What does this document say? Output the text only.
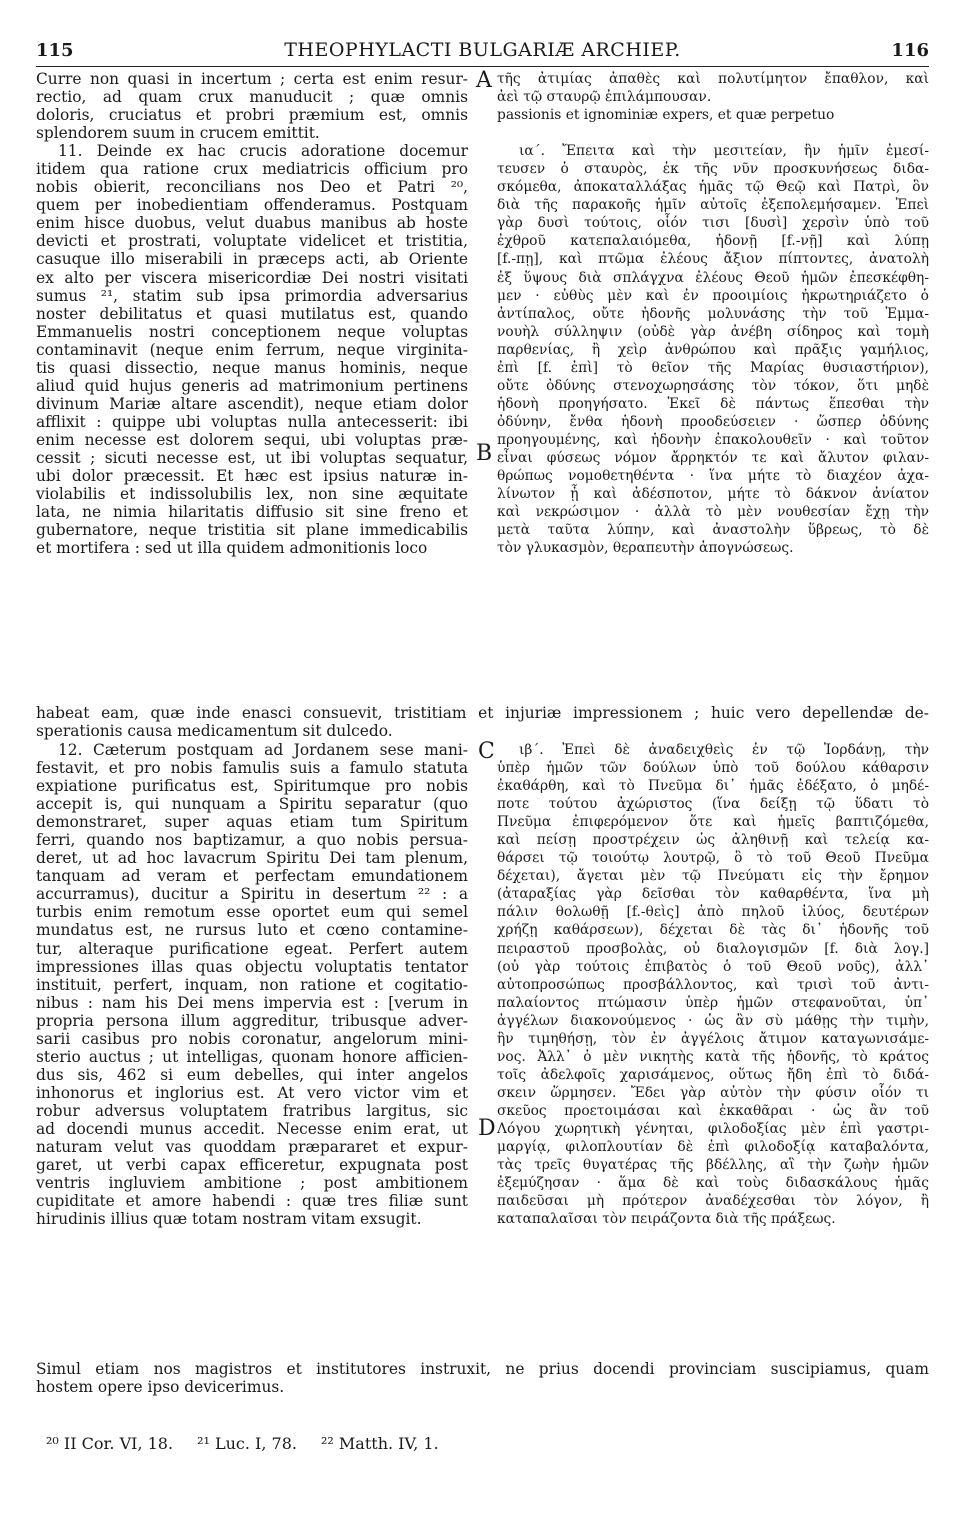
115	THEOPHYLACTI BULGARIÆ ARCHIEP.	116
Curre non quasi in incertum ; certa est enim resur-
rectio, ad quam crux manuducit ; quæ omnis
doloris, cruciatus et probri præmium est, omnis
splendorem suum in crucem emittit.
11. Deinde ex hac crucis adoratione docemur
itidem qua ratione crux mediatricis officium pro
nobis obierit, reconcilians nos Deo et Patri ²⁰,
quem per inobedientiam offenderamus. Postquam
enim hisce duobus, velut duabus manibus ab hoste
devicti et prostrati, voluptate videlicet et tristitia,
casuque illo miserabili in præceps acti, ab Oriente
ex alto per viscera misericordiæ Dei nostri visitati
sumus ²¹, statim sub ipsa primordia adversarius
noster debilitatus et quasi mutilatus est, quando
Emmanuelis nostri conceptionem neque voluptas
contaminavit (neque enim ferrum, neque virginita-
tis quasi dissectio, neque manus hominis, neque
aliud quid hujus generis ad matrimonium pertinens
divinum Mariæ altare ascendit), neque etiam dolor
afflixit : quippe ubi voluptas nulla antecesserit: ibi
enim necesse est dolorem sequi, ubi voluptas præ-
cessit ; sicuti necesse est, ut ibi voluptas sequatur,
ubi dolor præcessit. Et hæc est ipsius naturæ in-
violabilis et indissolubilis lex, non sine æquitate
lata, ne nimia hilaritatis diffusio sit sine freno et
gubernatore, neque tristitia sit plane immedicabilis
et mortifera : sed ut illa quidem admonitionis loco
τῆς ἀτιμίας ἀπαθὲς καὶ πολυτίμητον ἔπαθλον, καὶ
ἀεὶ τῷ σταυρῷ ἐπιλάμπουσαν.
passionis et ignominiæ expers, et quæ perpetuo
ια΄. Ἔπειτα καὶ τὴν μεσιτείαν, ἣν ἡμῖν ἐμεσί-
τευσεν ὁ σταυρὸς, ἐκ τῆς νῦν προσκυνήσεως διδα-
σκόμεθα, ἀποκαταλλάξας ἡμᾶς τῷ Θεῷ καὶ Πατρὶ, ὃν
διὰ τῆς παρακοῆς ἡμῖν αὐτοῖς ἐξεπολεμήσαμεν. Ἐπεὶ
γὰρ δυσὶ τούτοις, οἷόν τισι [δυσὶ] χερσὶν ὑπὸ τοῦ
ἐχθροῦ κατεπαλαιόμεθα, ἡδονῇ [f.-νῇ] καὶ λύπῃ
[f.-πῃ], καὶ πτῶμα ἐλέους ἄξιον πίπτοντες, ἀνατολὴ
ἐξ ὕψους διὰ σπλάγχνα ἐλέους Θεοῦ ἡμῶν ἐπεσκέφθη-
μεν · εὐθὺς μὲν καὶ ἐν προοιμίοις ἠκρωτηριάζετο ὁ
ἀντίπαλος, οὔτε ἡδονῆς μολυνάσης τὴν τοῦ Ἐμμα-
νουὴλ σύλληψιν (οὐδὲ γὰρ ἀνέβη σίδηρος καὶ τομὴ
παρθενίας, ἢ χεὶρ ἀνθρώπου καὶ πρᾶξις γαμήλιος,
ἐπὶ [f. ἐπὶ] τὸ θεῖον τῆς Μαρίας θυσιαστήριον),
οὔτε ὀδύνης στενοχωρησάσης τὸν τόκον, ὅτι μηδὲ
ἡδονὴ προηγήσατο. Ἐκεῖ δὲ πάντως ἕπεσθαι τὴν
ὀδύνην, ἔνθα ἡδονὴ προοδεύσειεν · ὥσπερ ὀδύνης
προηγουμένης, καὶ ἡδονὴν ἐπακολουθεῖν · καὶ τοῦτον
εἶναι φύσεως νόμον ἄρρηκτόν τε καὶ ἄλυτον φιλαν-
θρώπως νομοθετηθέντα · ἵνα μήτε τὸ διαχέον ἀχα-
λίνωτον ᾖ καὶ ἀδέσποτον, μήτε τὸ δάκνον ἀνίατον
καὶ νεκρώσιμον · ἀλλὰ τὸ μὲν νουθεσίαν ἔχῃ τὴν
μετὰ ταῦτα λύπην, καὶ ἀναστολὴν ὕβρεως, τὸ δὲ
τὸν γλυκασμὸν, θεραπευτὴν ἀπογνώσεως.
habeat eam, quæ inde enasci consuevit, tristitiam et injuriæ impressionem ; huic vero depellendæ de-
sperationis causa medicamentum sit dulcedo.
12. Cæterum postquam ad Jordanem sese mani-
festavit, et pro nobis famulis suis a famulo statuta
expiatione purificatus est, Spiritumque pro nobis
accepit is, qui nunquam a Spiritu separatur (quo
demonstraret, super aquas etiam tum Spiritum
ferri, quando nos baptizamur, a quo nobis persua-
deret, ut ad hoc lavacrum Spiritu Dei tam plenum,
tanquam ad veram et perfectam emundationem
accurramus), ducitur a Spiritu in desertum ²² : a
turbis enim remotum esse oportet eum qui semel
mundatus est, ne rursus luto et cœno contamine-
tur, alteraque purificatione egeat. Perfert autem
impressiones illas quas objectu voluptatis tentator
instituit, perfert, inquam, non ratione et cogitatio-
nibus : nam his Dei mens impervia est : [verum in
propria persona illum aggreditur, tribusque adver-
sarii casibus pro nobis coronatur, angelorum mini-
sterio auctus ; ut intelligas, quonam honore afficien-
dus sis, 462 si eum debelles, qui inter angelos
inhonorus et inglorius est. At vero victor vim et
robur adversus voluptatem fratribus largitus, sic
ad docendi munus accedit. Necesse enim erat, ut
naturam velut vas quoddam præpararet et expur-
garet, ut verbi capax efficeretur, expugnata post
ventris ingluviem ambitione ; post ambitionem
cupiditate et amore habendi : quæ tres filiæ sunt
hirudinis illius quæ totam nostram vitam exsugit.
ιβ΄. Ἐπεὶ δὲ ἀναδειχθεὶς ἐν τῷ Ἰορδάνῃ, τὴν
ὑπὲρ ἡμῶν τῶν δούλων ὑπὸ τοῦ δούλου κάθαρσιν
ἐκαθάρθη, καὶ τὸ Πνεῦμα δι᾽ ἡμᾶς ἐδέξατο, ὁ μηδέ-
ποτε τούτου ἀχώριστος (ἵνα δείξῃ τῷ ὕδατι τὸ
Πνεῦμα ἐπιφερόμενον ὅτε καὶ ἡμεῖς βαπτιζόμεθα,
καὶ πείσῃ προστρέχειν ὡς ἀληθινῇ καὶ τελείᾳ κα-
θάρσει τῷ τοιούτῳ λουτρῷ, ὃ τὸ τοῦ Θεοῦ Πνεῦμα
δέχεται), ἄγεται μὲν τῷ Πνεύματι εἰς τὴν ἔρημον
(ἀταραξίας γὰρ δεῖσθαι τὸν καθαρθέντα, ἵνα μὴ
πάλιν θολωθῇ [f.-θεὶς] ἀπὸ πηλοῦ ἰλύος, δευτέρων
χρήζῃ καθάρσεων), δέχεται δὲ τὰς δι᾽ ἡδονῆς τοῦ
πειραστοῦ προσβολὰς, οὐ διαλογισμῶν [f. διὰ λογ.]
(οὐ γὰρ τούτοις ἐπιβατὸς ὁ τοῦ Θεοῦ νοῦς), ἀλλ᾽
αὐτοπροσώπως προσβάλλοντος, καὶ τρισὶ τοῦ ἀντι-
παλαίοντος πτώμασιν ὑπὲρ ἡμῶν στεφανοῦται, ὑπ᾽
ἀγγέλων διακονούμενος · ὡς ἂν σὺ μάθῃς τὴν τιμὴν,
ἣν τιμηθήσῃ, τὸν ἐν ἀγγέλοις ἄτιμον καταγωνισάμε-
νος. Ἀλλ᾽ ὁ μὲν νικητὴς κατὰ τῆς ἡδονῆς, τὸ κράτος
τοῖς ἀδελφοῖς χαρισάμενος, οὕτως ἤδη ἐπὶ τὸ διδά-
σκειν ὥρμησεν. Ἔδει γὰρ αὐτὸν τὴν φύσιν οἷόν τι
σκεῦος προετοιμάσαι καὶ ἐκκαθᾶραι · ὡς ἂν τοῦ
Λόγου χωρητικὴ γένηται, φιλοδοξίας μὲν ἐπὶ γαστρι-
μαργίᾳ, φιλοπλουτίαν δὲ ἐπὶ φιλοδοξίᾳ καταβαλόντα,
τὰς τρεῖς θυγατέρας τῆς βδέλλης, αἳ τὴν ζωὴν ἡμῶν
ἐξεμύζησαν · ἅμα δὲ καὶ τοὺς διδασκάλους ἡμᾶς
παιδεῦσαι μὴ πρότερον ἀναδέχεσθαι τὸν λόγον, ἢ
καταπαλαῖσαι τὸν πειράζοντα διὰ τῆς πράξεως.
Simul etiam nos magistros et institutores instruxit, ne prius docendi provinciam suscipiamus, quam
hostem opere ipso devicerimus.
A
B
C
D
²⁰ II Cor. VI, 18. ²¹ Luc. I, 78. ²² Matth. IV, 1.
